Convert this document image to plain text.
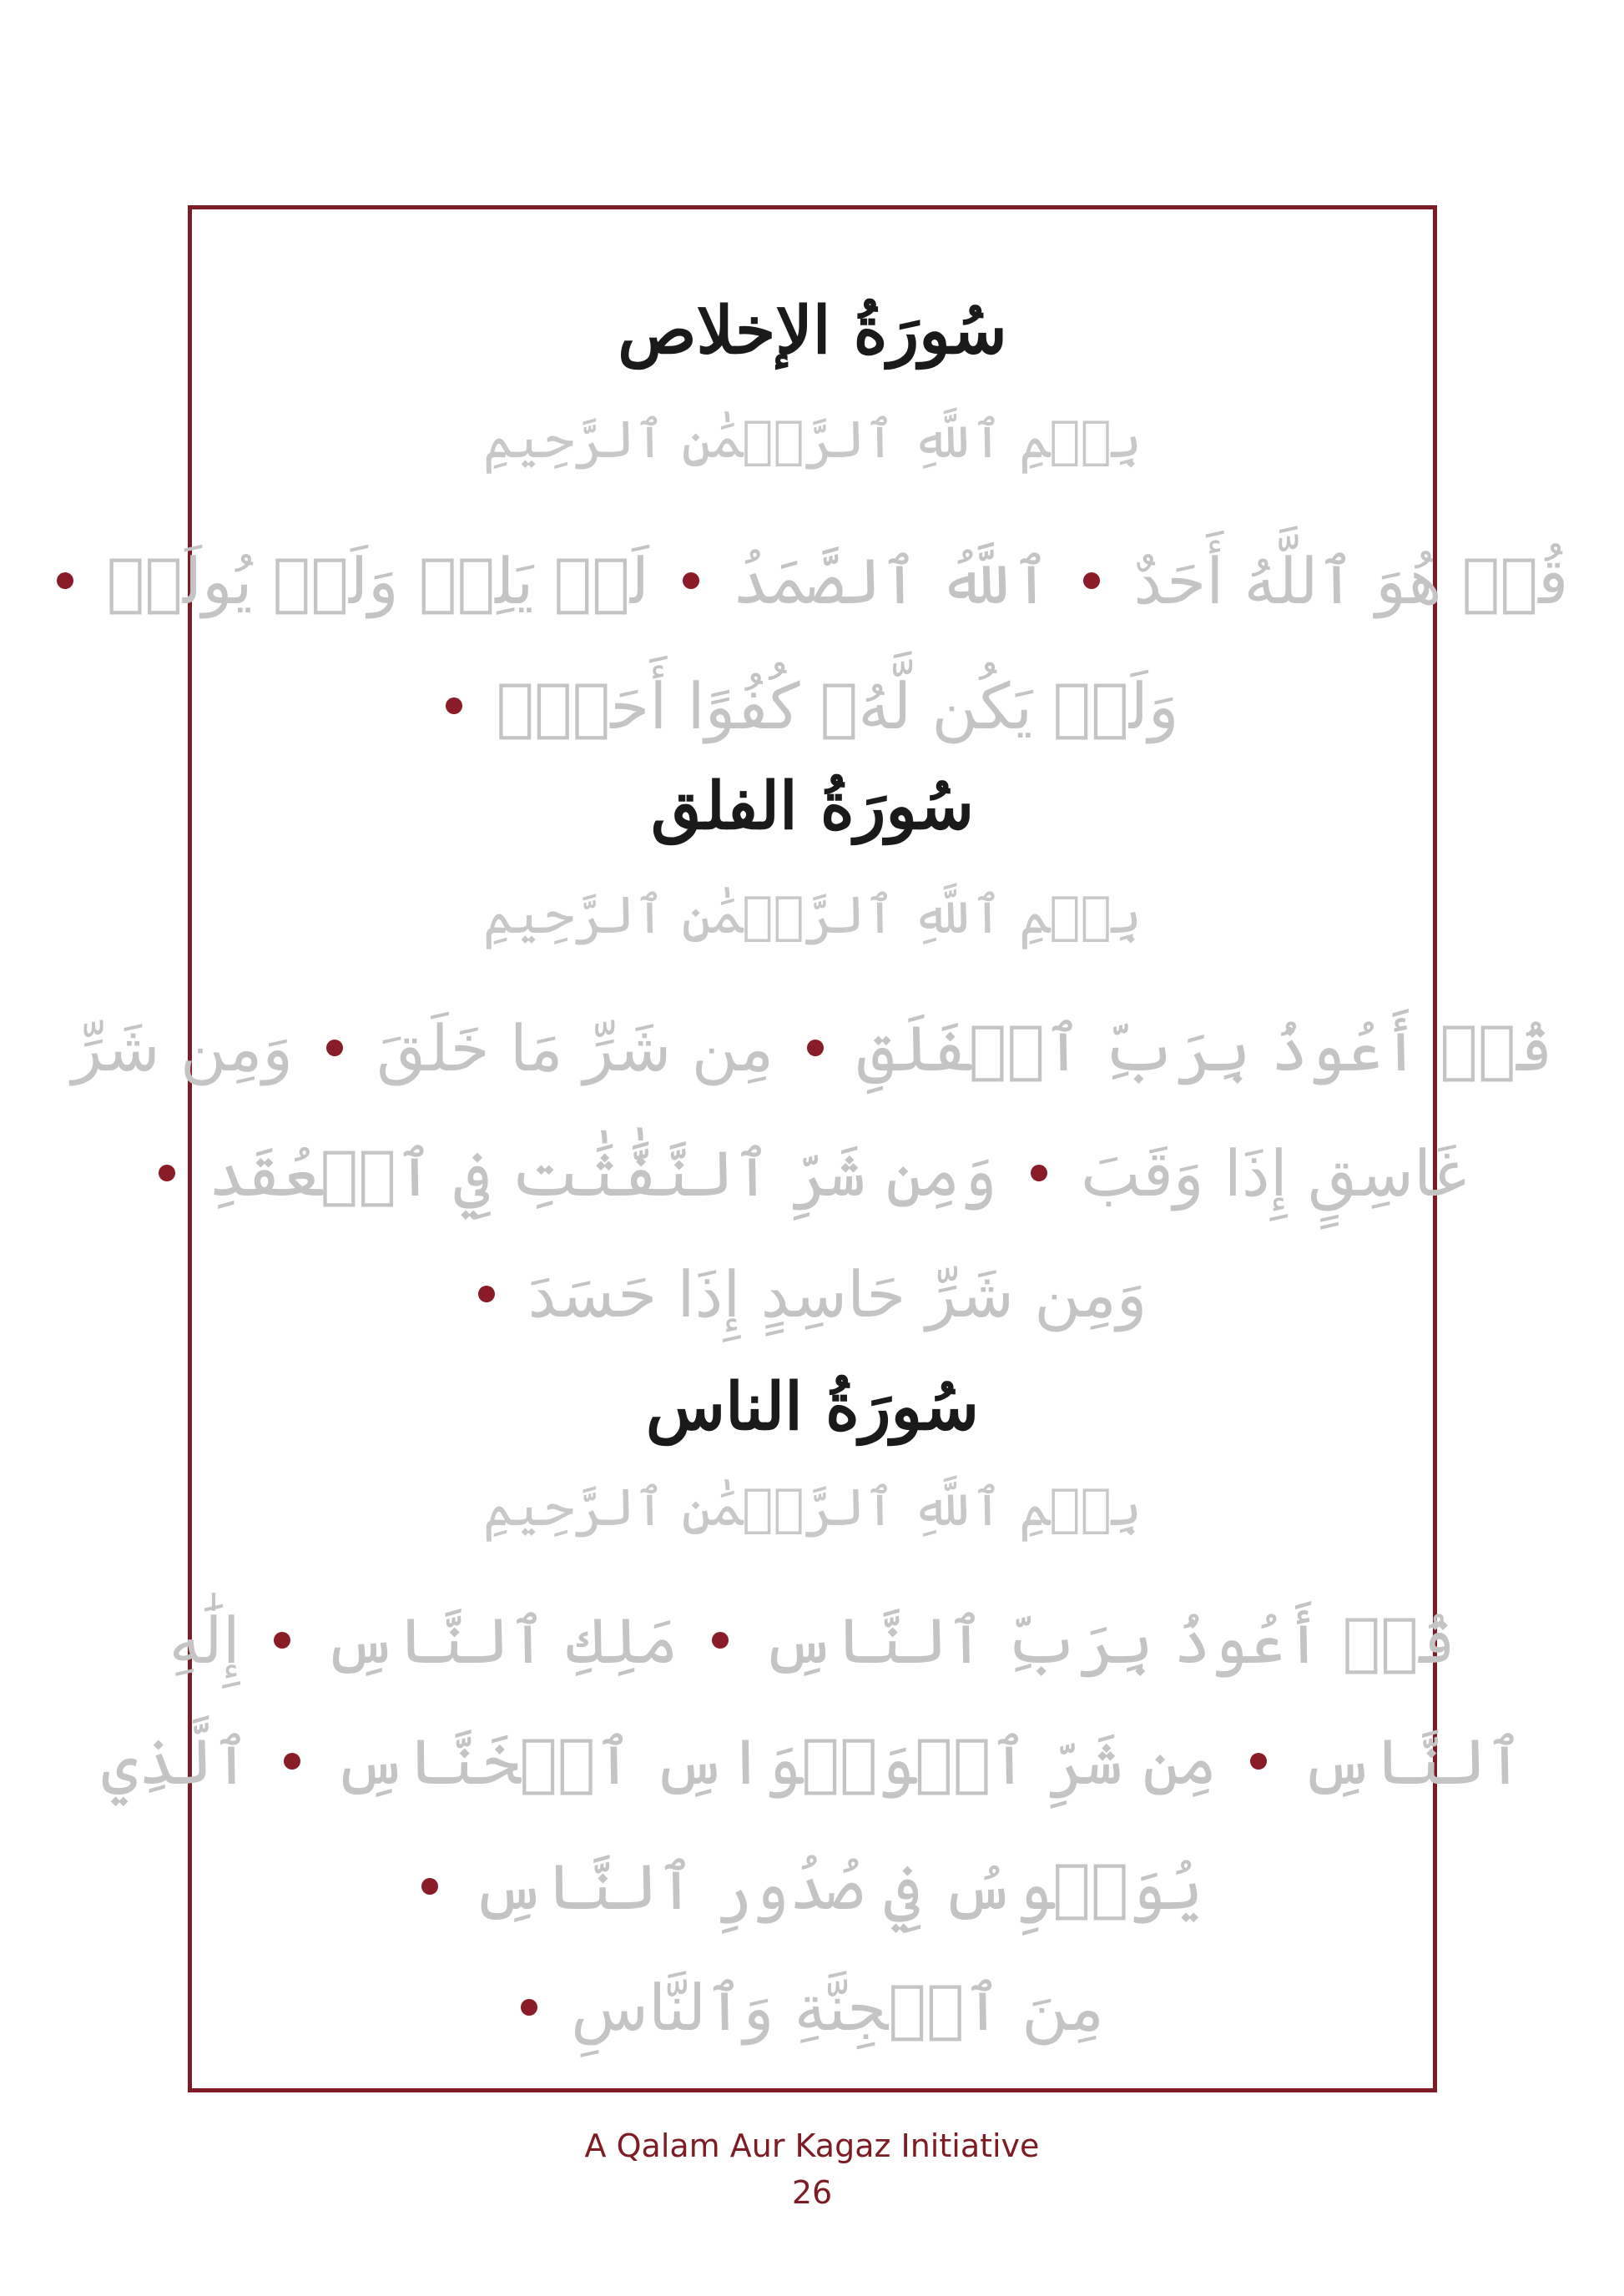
سُورَةُ الإخلاص
بِسۡمِ ٱللَّهِ ٱلرَّحۡمَٰنِ ٱلرَّحِيمِ
قُلۡ هُوَ ٱللَّهُ أَحَدٌ
ٱللَّهُ ٱلصَّمَدُ
لَمۡ يَلِدۡ وَلَمۡ يُولَدۡ
وَلَمۡ يَكُن لَّهُۥ كُفُوًا أَحَدُۢ
سُورَةُ الفلق
بِسۡمِ ٱللَّهِ ٱلرَّحۡمَٰنِ ٱلرَّحِيمِ
قُلۡ أَعُوذُ بِرَبِّ ٱلۡفَلَقِ
مِن شَرِّ مَا خَلَقَ
وَمِن شَرِّ
غَاسِقٍ إِذَا وَقَبَ
وَمِن شَرِّ ٱلنَّفَّٰثَٰتِ فِي ٱلۡعُقَدِ
وَمِن شَرِّ حَاسِدٍ إِذَا حَسَدَ
سُورَةُ الناس
بِسۡمِ ٱللَّهِ ٱلرَّحۡمَٰنِ ٱلرَّحِيمِ
قُلۡ أَعُوذُ بِرَبِّ ٱلنَّاسِ
مَلِكِ ٱلنَّاسِ
إِلَٰهِ
ٱلنَّاسِ
مِن شَرِّ ٱلۡوَسۡوَاسِ ٱلۡخَنَّاسِ
ٱلَّذِي
يُوَسۡوِسُ فِي صُدُورِ ٱلنَّاسِ
مِنَ ٱلۡجِنَّةِ وَٱلنَّاسِ
A Qalam Aur Kagaz Initiative
26
